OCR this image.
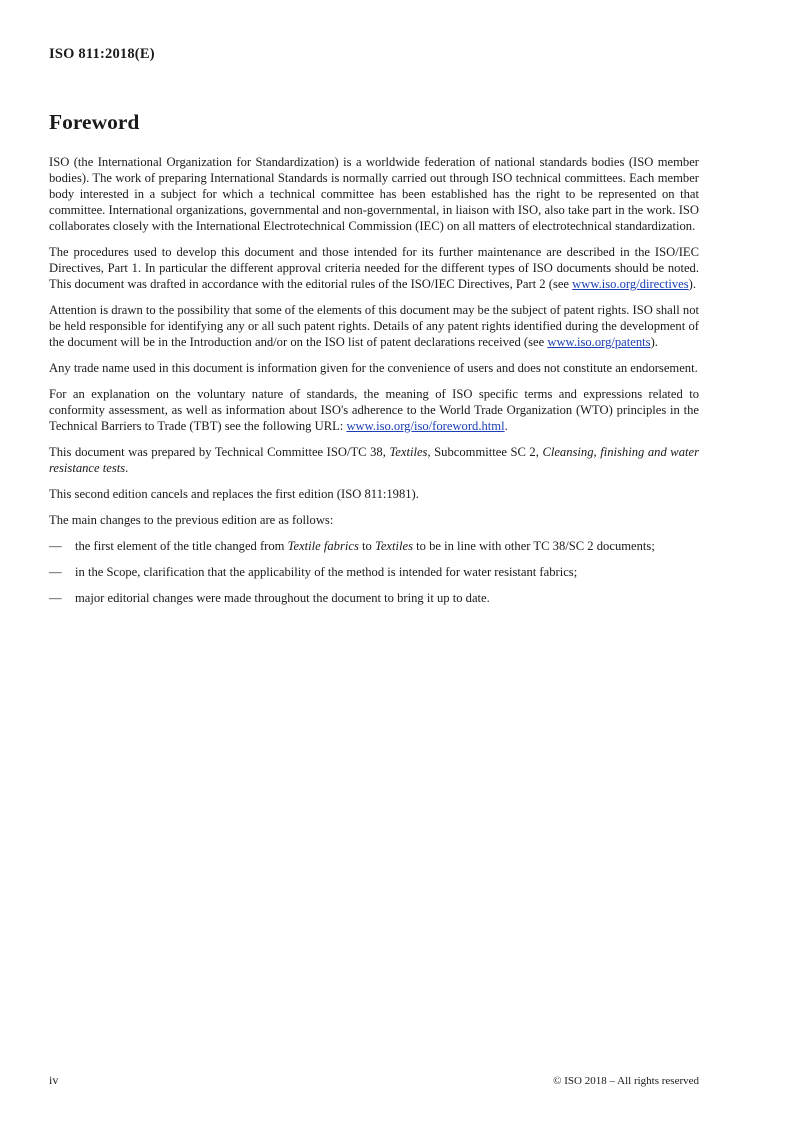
ISO 811:2018(E)
Foreword

ISO (the International Organization for Standardization) is a worldwide federation of national standards bodies (ISO member bodies). The work of preparing International Standards is normally carried out through ISO technical committees. Each member body interested in a subject for which a technical committee has been established has the right to be represented on that committee. International organizations, governmental and non-governmental, in liaison with ISO, also take part in the work. ISO collaborates closely with the International Electrotechnical Commission (IEC) on all matters of electrotechnical standardization.

The procedures used to develop this document and those intended for its further maintenance are described in the ISO/IEC Directives, Part 1. In particular the different approval criteria needed for the different types of ISO documents should be noted. This document was drafted in accordance with the editorial rules of the ISO/IEC Directives, Part 2 (see www.iso.org/directives).

Attention is drawn to the possibility that some of the elements of this document may be the subject of patent rights. ISO shall not be held responsible for identifying any or all such patent rights. Details of any patent rights identified during the development of the document will be in the Introduction and/or on the ISO list of patent declarations received (see www.iso.org/patents).

Any trade name used in this document is information given for the convenience of users and does not constitute an endorsement.

For an explanation on the voluntary nature of standards, the meaning of ISO specific terms and expressions related to conformity assessment, as well as information about ISO's adherence to the World Trade Organization (WTO) principles in the Technical Barriers to Trade (TBT) see the following URL: www.iso.org/iso/foreword.html.

This document was prepared by Technical Committee ISO/TC 38, Textiles, Subcommittee SC 2, Cleansing, finishing and water resistance tests.

This second edition cancels and replaces the first edition (ISO 811:1981).

The main changes to the previous edition are as follows:

—	the first element of the title changed from Textile fabrics to Textiles to be in line with other TC 38/SC 2 documents;
—	in the Scope, clarification that the applicability of the method is intended for water resistant fabrics;
—	major editorial changes were made throughout the document to bring it up to date.
iv	© ISO 2018 – All rights reserved
